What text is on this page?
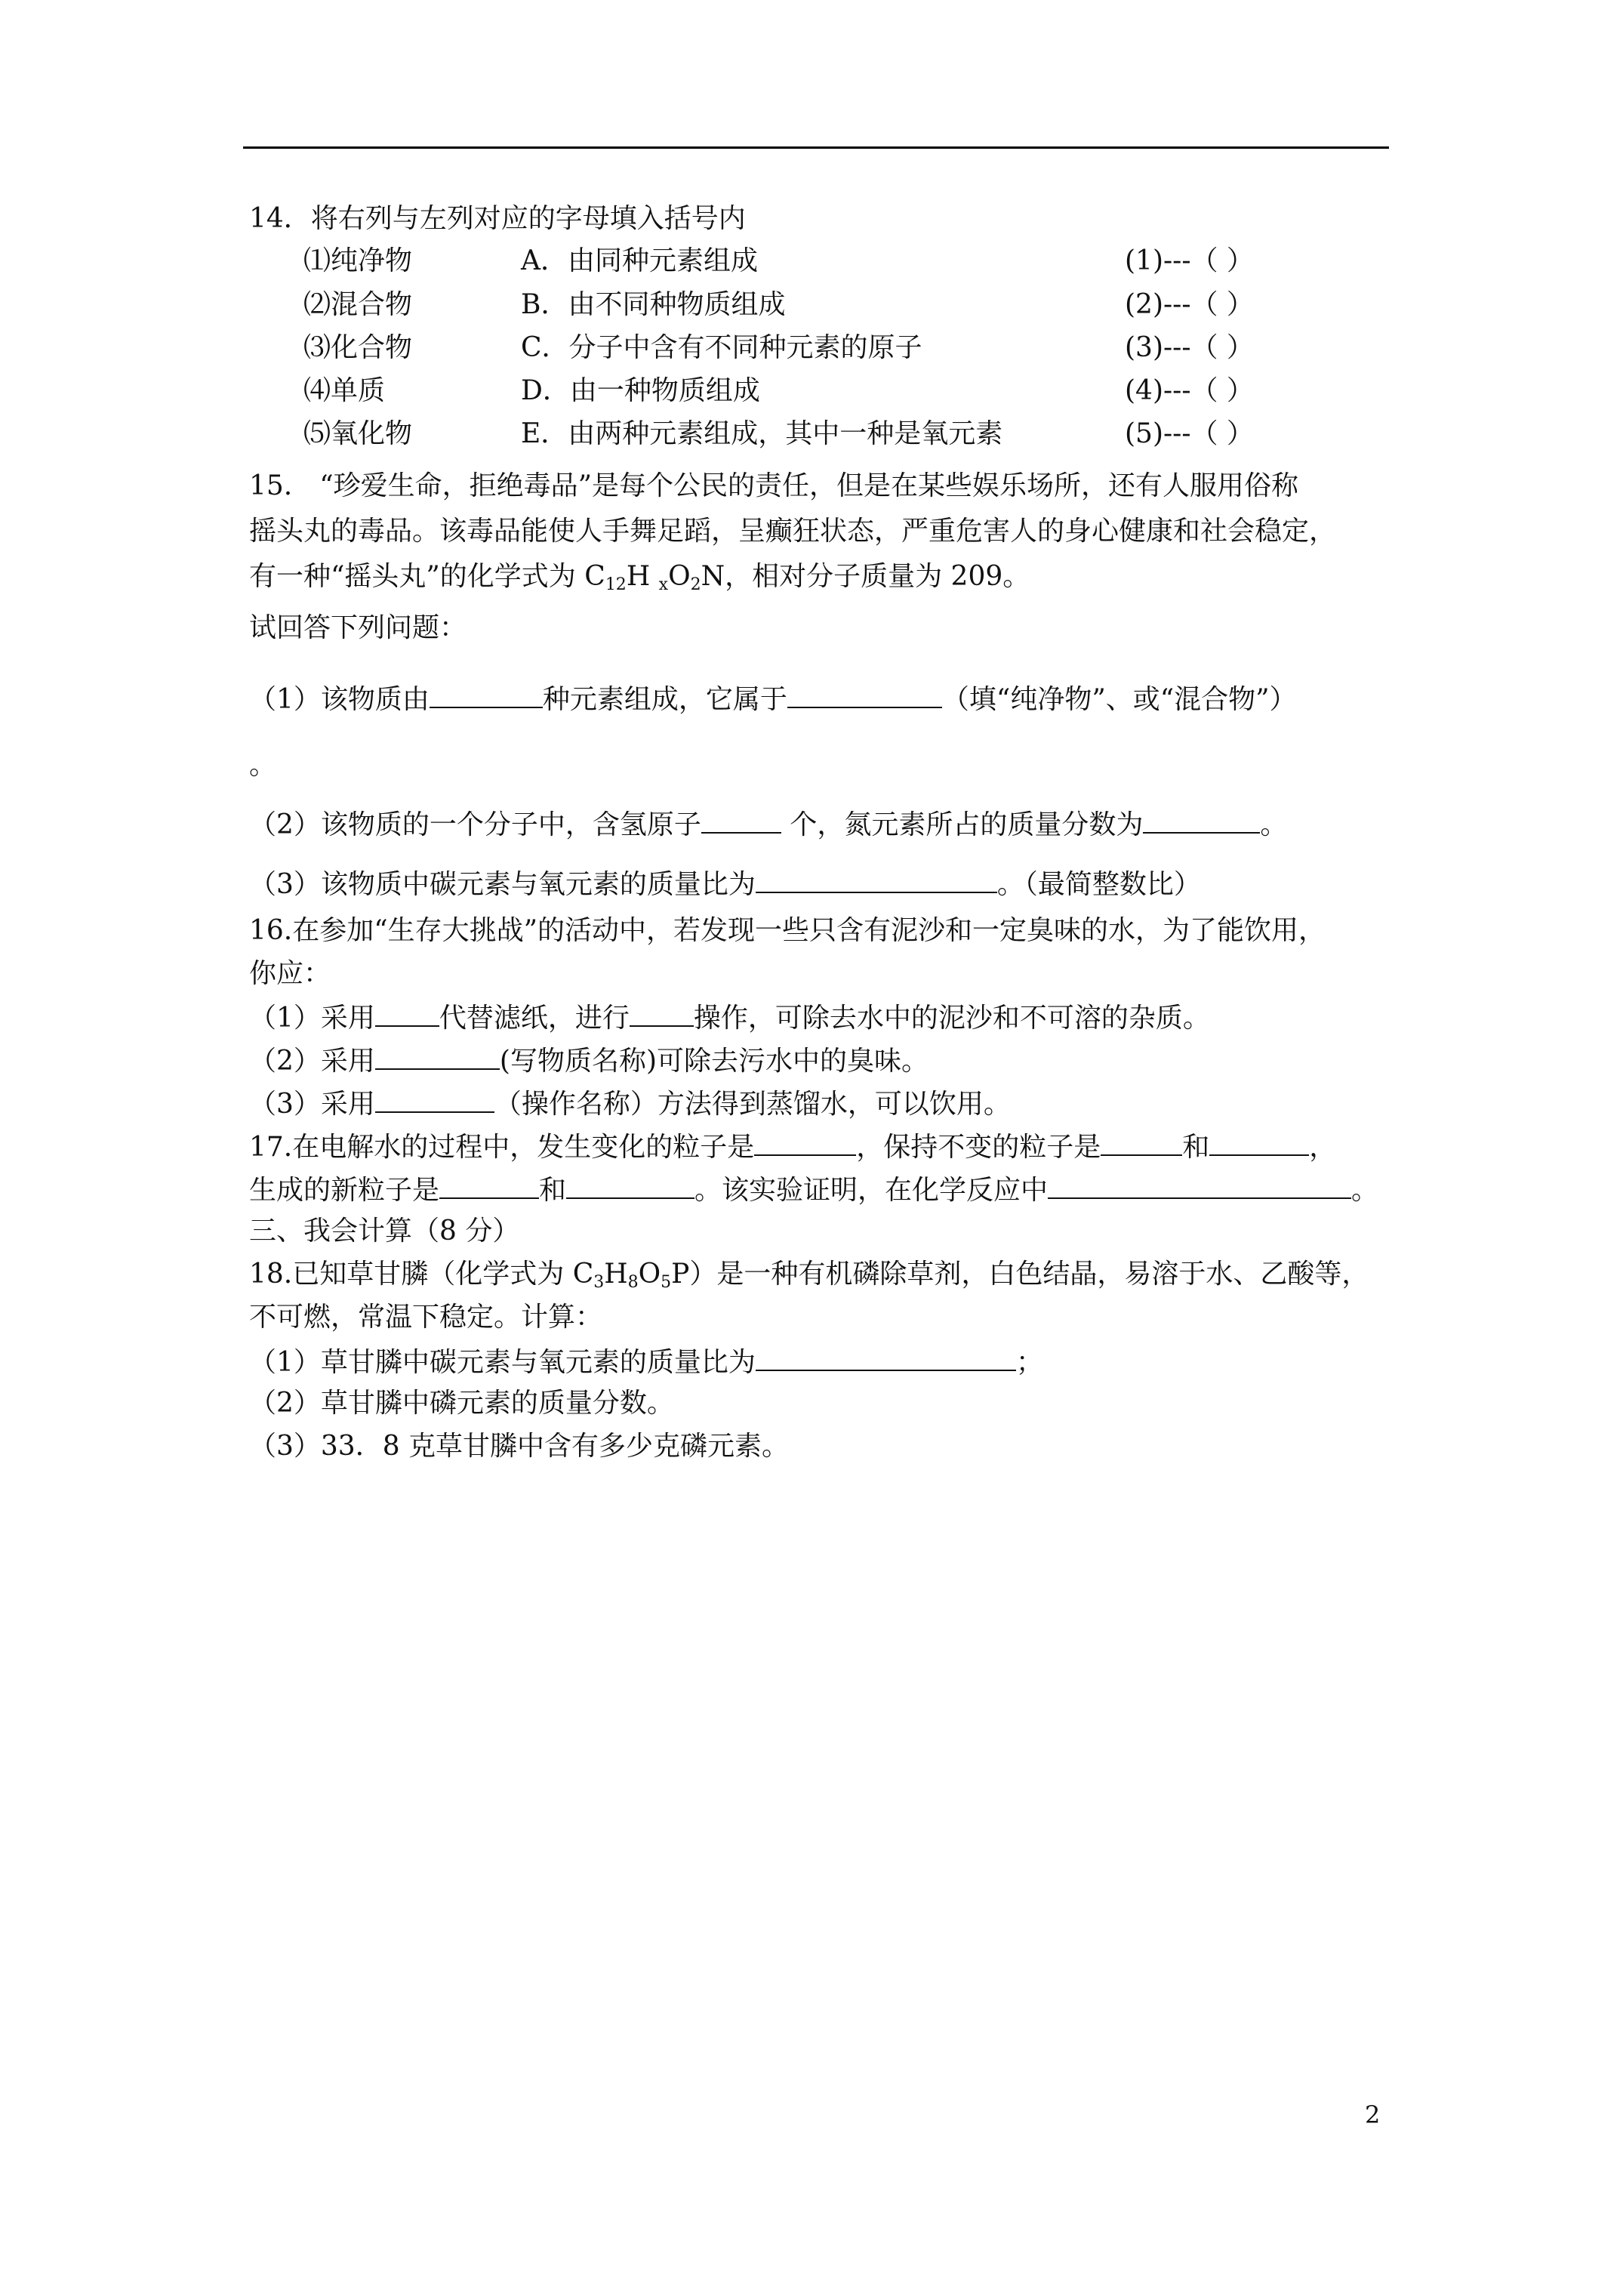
14．将右列与左列对应的字母填入括号内
⑴纯净物	A．由同种元素组成	(1)---（ ）
⑵混合物	B．由不同种物质组成	(2)---（ ）
⑶化合物	C．分子中含有不同种元素的原子	(3)---（ ）
⑷单质	D．由一种物质组成	(4)---（ ）
⑸氧化物	E．由两种元素组成，其中一种是氧元素	(5)---（ ）
15.　“珍爱生命，拒绝毒品”是每个公民的责任，但是在某些娱乐场所，还有人服用俗称
摇头丸的毒品。该毒品能使人手舞足蹈，呈癫狂状态，严重危害人的身心健康和社会稳定，
有一种“摇头丸”的化学式为 $C_{12}H$ $_xO_2N$，相对分子质量为 209。
试回答下列问题：
（1）该物质由	种元素组成，它属于	（填“纯净物”、或“混合物”）
。
（2）该物质的一个分子中，含氢原子	个，氮元素所占的质量分数为	。
（3）该物质中碳元素与氧元素的质量比为	。（最简整数比）
16.在参加“生存大挑战”的活动中，若发现一些只含有泥沙和一定臭味的水，为了能饮用，
你应：
（1）采用 代替滤纸，进行 操作，可除去水中的泥沙和不可溶的杂质。
（2）采用	(写物质名称)可除去污水中的臭味。
（3）采用	（操作名称）方法得到蒸馏水，可以饮用。
17.在电解水的过程中，发生变化的粒子是	，保持不变的粒子是	和	，
生成的新粒子是	和	。该实验证明，在化学反应中	。
三、我会计算（8 分）
18.已知草甘膦（化学式为 $C_3H_8O_5P$）是一种有机磷除草剂，白色结晶，易溶于水、乙酸等，
不可燃，常温下稳定。计算：
（1）草甘膦中碳元素与氧元素的质量比为	；
（2）草甘膦中磷元素的质量分数。
（3）33．8 克草甘膦中含有多少克磷元素。
2
